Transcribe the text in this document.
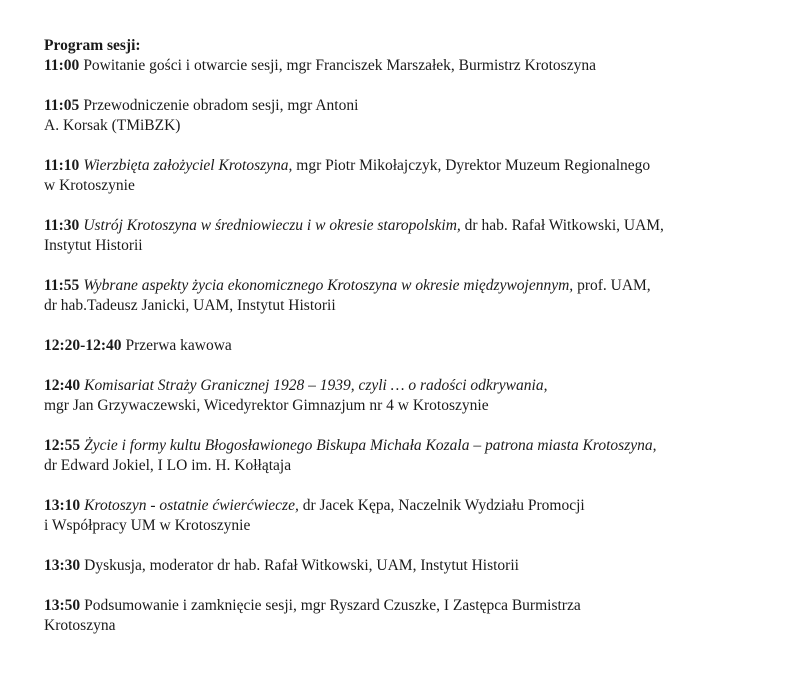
Program sesji:

11:00 Powitanie gości i otwarcie sesji, mgr Franciszek Marszałek, Burmistrz Krotoszyna

11:05 Przewodniczenie obradom sesji, mgr Antoni
A. Korsak (TMiBZK)

11:10 Wierzbięta założyciel Krotoszyna, mgr Piotr Mikołajczyk, Dyrektor Muzeum Regionalnego
w Krotoszynie

11:30 Ustrój Krotoszyna w średniowieczu i w okresie staropolskim, dr hab. Rafał Witkowski, UAM,
Instytut Historii

11:55 Wybrane aspekty życia ekonomicznego Krotoszyna w okresie międzywojennym, prof. UAM,
dr hab.Tadeusz Janicki, UAM, Instytut Historii

12:20-12:40 Przerwa kawowa

12:40 Komisariat Straży Granicznej 1928 – 1939, czyli … o radości odkrywania,
mgr Jan Grzywaczewski, Wicedyrektor Gimnazjum nr 4 w Krotoszynie

12:55 Życie i formy kultu Błogosławionego Biskupa Michała Kozala – patrona miasta Krotoszyna,
dr Edward Jokiel, I LO im. H. Kołłątaja

13:10 Krotoszyn - ostatnie ćwierćwiecze, dr Jacek Kępa, Naczelnik Wydziału Promocji
i Współpracy UM w Krotoszynie

13:30 Dyskusja, moderator dr hab. Rafał Witkowski, UAM, Instytut Historii

13:50 Podsumowanie i zamknięcie sesji, mgr Ryszard Czuszke, I Zastępca Burmistrza
Krotoszyna
